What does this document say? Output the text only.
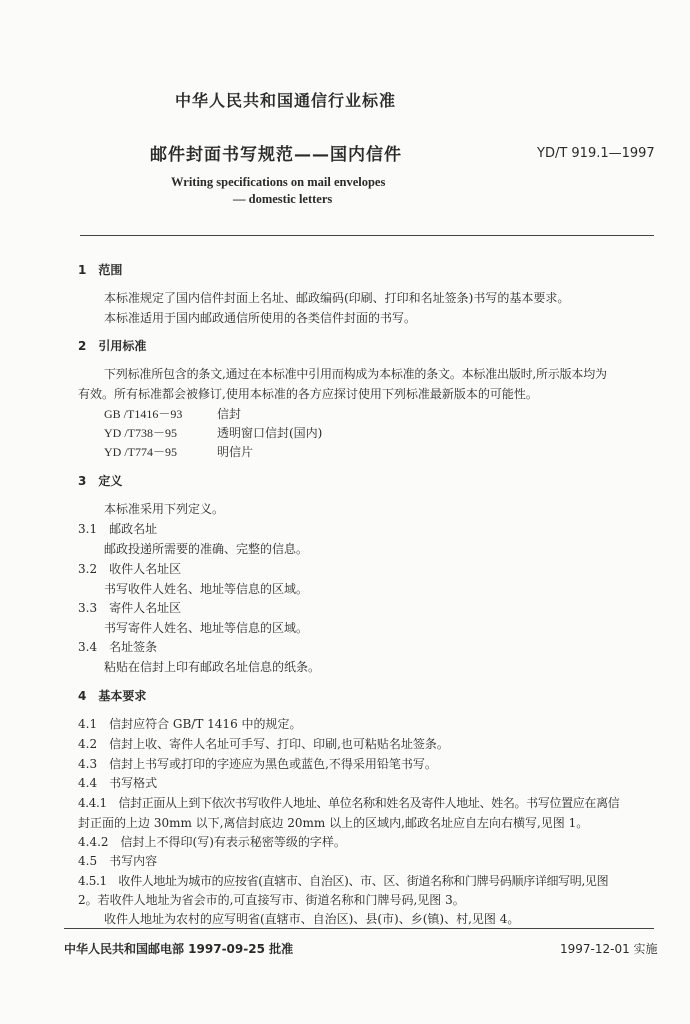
中华人民共和国通信行业标准
邮件封面书写规范——国内信件	YD/T 919.1—1997
Writing specifications on mail envelopes
— domestic letters
1　范围
本标准规定了国内信件封面上名址、邮政编码(印刷、打印和名址签条)书写的基本要求。
本标准适用于国内邮政通信所使用的各类信件封面的书写。
2　引用标准
下列标准所包含的条文,通过在本标准中引用而构成为本标准的条文。本标准出版时,所示版本均为
有效。所有标准都会被修订,使用本标准的各方应探讨使用下列标准最新版本的可能性。
GB /T1416－93	信封
YD /T738－95	透明窗口信封(国内)
YD /T774－95	明信片
3　定义
本标准采用下列定义。
3.1　邮政名址
邮政投递所需要的准确、完整的信息。
3.2　收件人名址区
书写收件人姓名、地址等信息的区域。
3.3　寄件人名址区
书写寄件人姓名、地址等信息的区域。
3.4　名址签条
粘贴在信封上印有邮政名址信息的纸条。
4　基本要求
4.1　信封应符合 GB/T 1416 中的规定。
4.2　信封上收、寄件人名址可手写、打印、印刷,也可粘贴名址签条。
4.3　信封上书写或打印的字迹应为黑色或蓝色,不得采用铅笔书写。
4.4　书写格式
4.4.1　信封正面从上到下依次书写收件人地址、单位名称和姓名及寄件人地址、姓名。书写位置应在离信
封正面的上边 30mm 以下,离信封底边 20mm 以上的区域内,邮政名址应自左向右横写,见图 1。
4.4.2　信封上不得印(写)有表示秘密等级的字样。
4.5　书写内容
4.5.1　收件人地址为城市的应按省(直辖市、自治区)、市、区、街道名称和门牌号码顺序详细写明,见图
2。若收件人地址为省会市的,可直接写市、街道名称和门牌号码,见图 3。
收件人地址为农村的应写明省(直辖市、自治区)、县(市)、乡(镇)、村,见图 4。
中华人民共和国邮电部 1997-09-25 批准	1997-12-01 实施
